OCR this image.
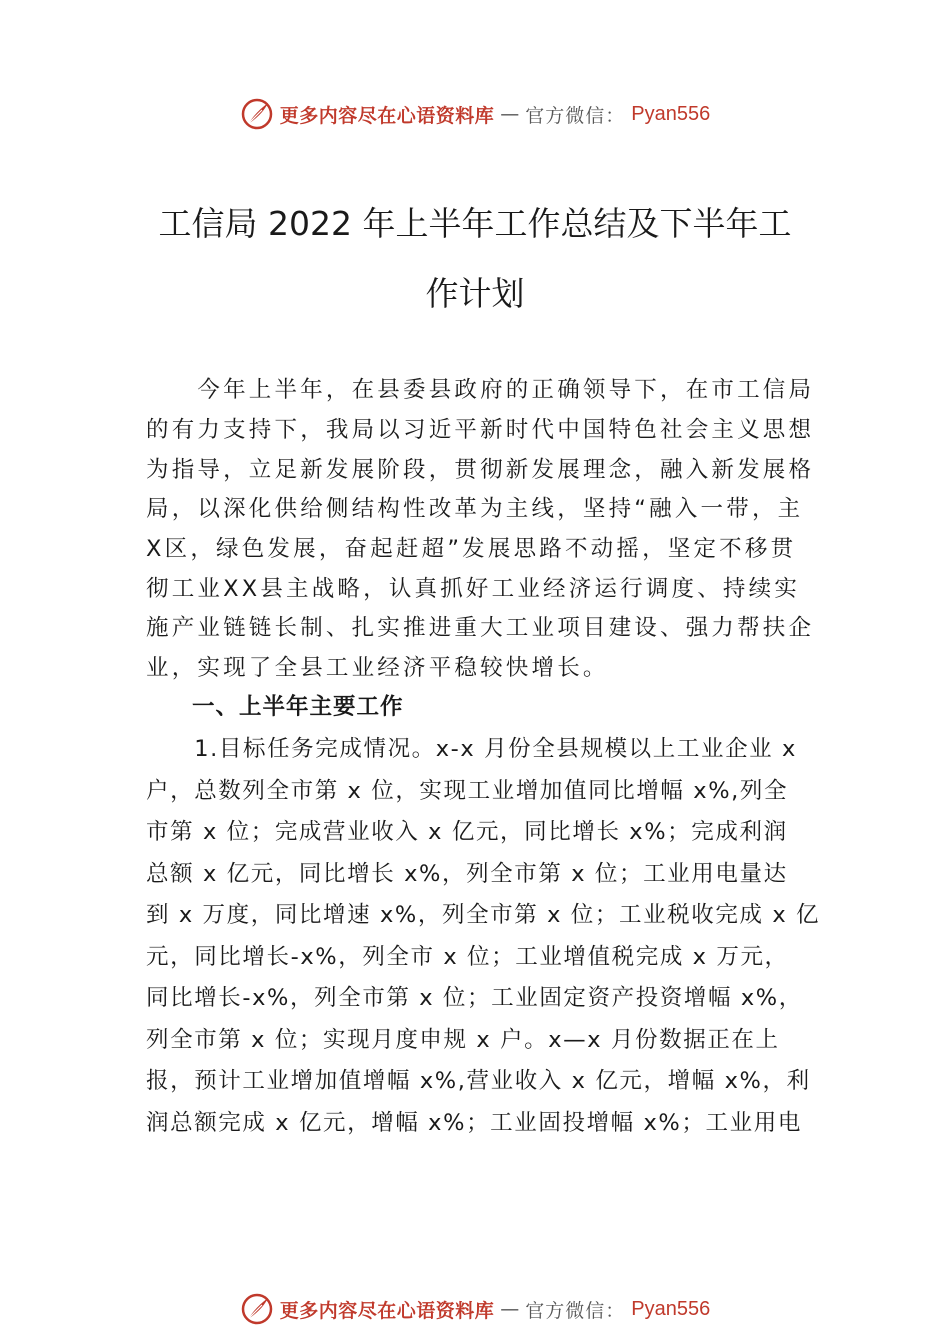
更多内容尽在心语资料库 — 官方微信： Pyan556
工信局 2022 年上半年工作总结及下半年工
作计划
　　今年上半年，在县委县政府的正确领导下，在市工信局
的有力支持下，我局以习近平新时代中国特色社会主义思想
为指导，立足新发展阶段，贯彻新发展理念，融入新发展格
局，以深化供给侧结构性改革为主线，坚持“融入一带，主
X区，绿色发展，奋起赶超”发展思路不动摇，坚定不移贯
彻工业XX县主战略，认真抓好工业经济运行调度、持续实
施产业链链长制、扎实推进重大工业项目建设、强力帮扶企
业，实现了全县工业经济平稳较快增长。
一、上半年主要工作
　　1.目标任务完成情况。x-x 月份全县规模以上工业企业 x
户，总数列全市第 x 位，实现工业增加值同比增幅 x%,列全
市第 x 位；完成营业收入 x 亿元，同比增长 x%；完成利润
总额 x 亿元，同比增长 x%，列全市第 x 位；工业用电量达
到 x 万度，同比增速 x%，列全市第 x 位；工业税收完成 x 亿
元，同比增长-x%，列全市 x 位；工业增值税完成 x 万元，
同比增长-x%，列全市第 x 位；工业固定资产投资增幅 x%，
列全市第 x 位；实现月度申规 x 户。x—x 月份数据正在上
报，预计工业增加值增幅 x%,营业收入 x 亿元，增幅 x%，利
润总额完成 x 亿元，增幅 x%；工业固投增幅 x%；工业用电
更多内容尽在心语资料库 — 官方微信： Pyan556
